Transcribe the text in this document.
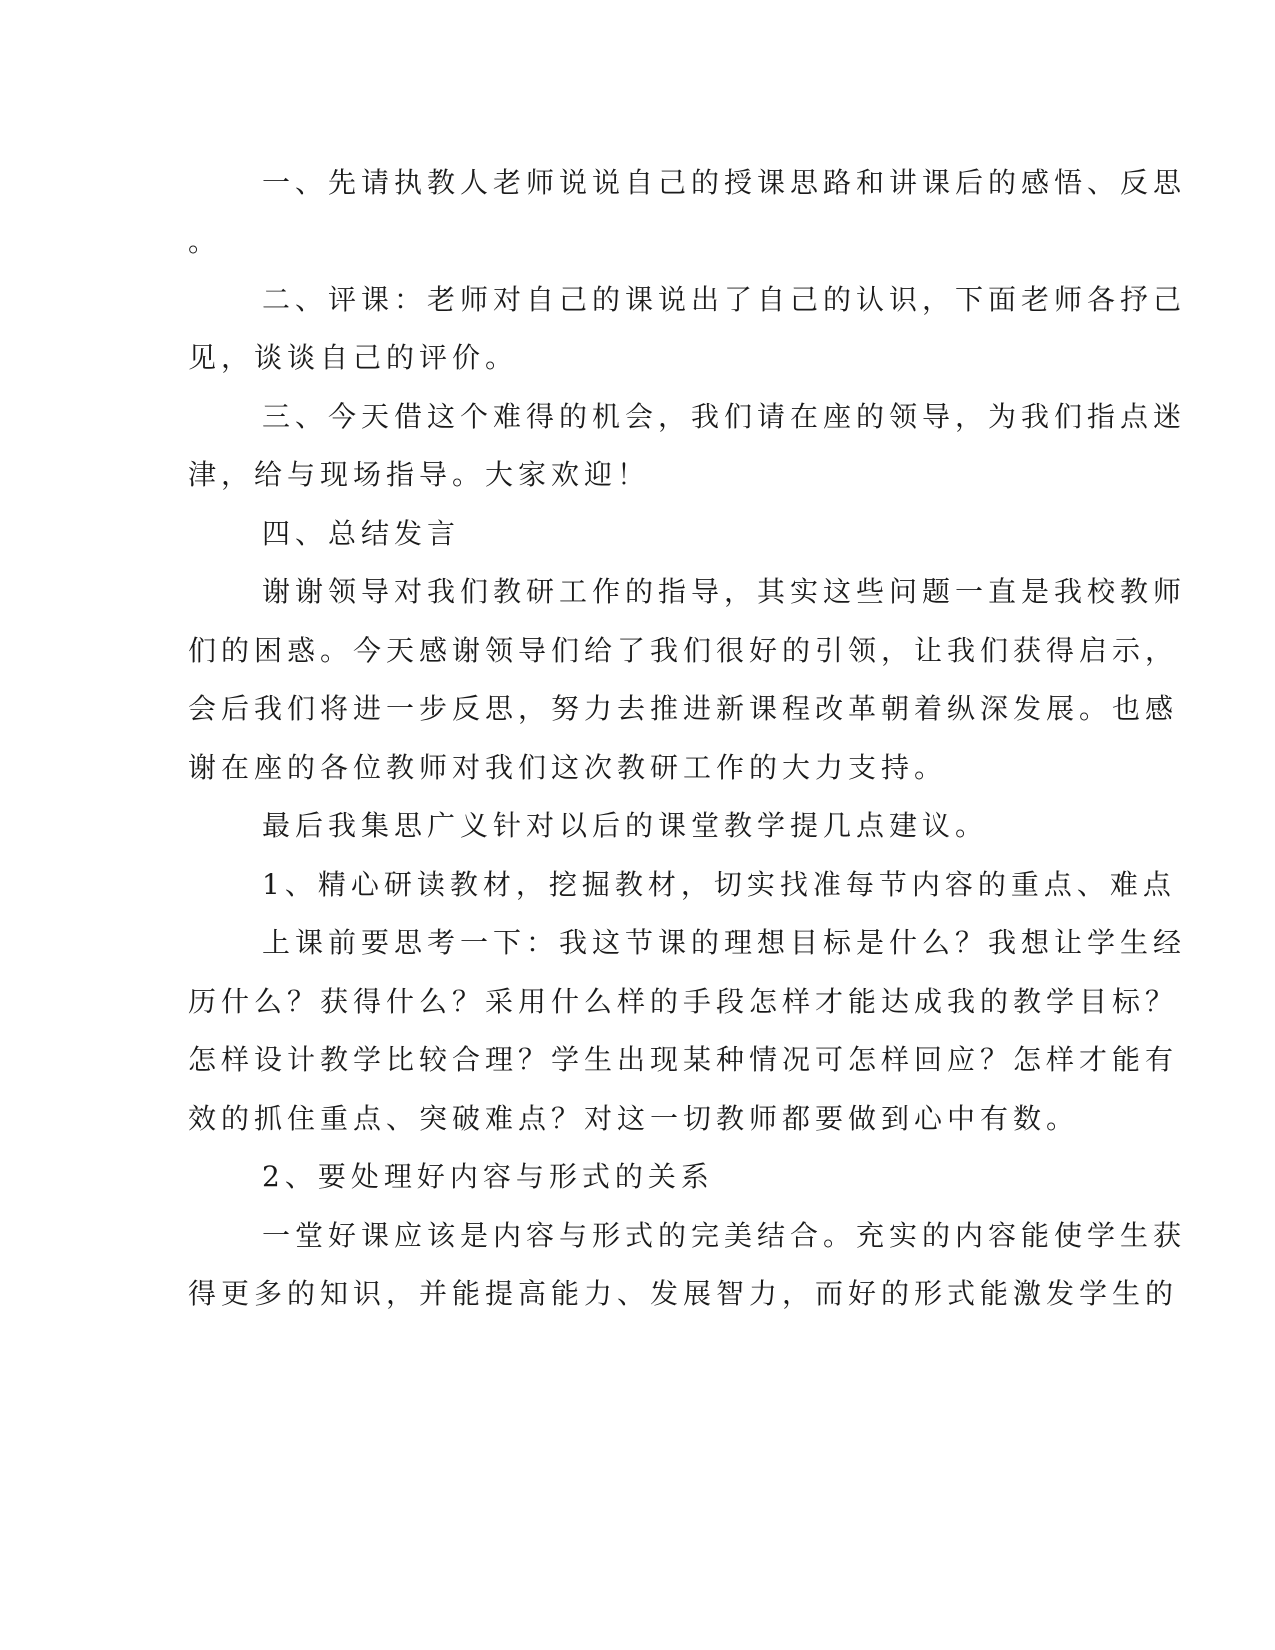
一、先请执教人老师说说自己的授课思路和讲课后的感悟、反思
。
二、评课：老师对自己的课说出了自己的认识，下面老师各抒己
见，谈谈自己的评价。
三、今天借这个难得的机会，我们请在座的领导，为我们指点迷
津，给与现场指导。大家欢迎！
四、总结发言
谢谢领导对我们教研工作的指导，其实这些问题一直是我校教师
们的困惑。今天感谢领导们给了我们很好的引领，让我们获得启示，
会后我们将进一步反思，努力去推进新课程改革朝着纵深发展。也感
谢在座的各位教师对我们这次教研工作的大力支持。
最后我集思广义针对以后的课堂教学提几点建议。
1、精心研读教材，挖掘教材，切实找准每节内容的重点、难点
上课前要思考一下：我这节课的理想目标是什么？我想让学生经
历什么？获得什么？采用什么样的手段怎样才能达成我的教学目标？
怎样设计教学比较合理？学生出现某种情况可怎样回应？怎样才能有
效的抓住重点、突破难点？对这一切教师都要做到心中有数。
2、要处理好内容与形式的关系
一堂好课应该是内容与形式的完美结合。充实的内容能使学生获
得更多的知识，并能提高能力、发展智力，而好的形式能激发学生的
